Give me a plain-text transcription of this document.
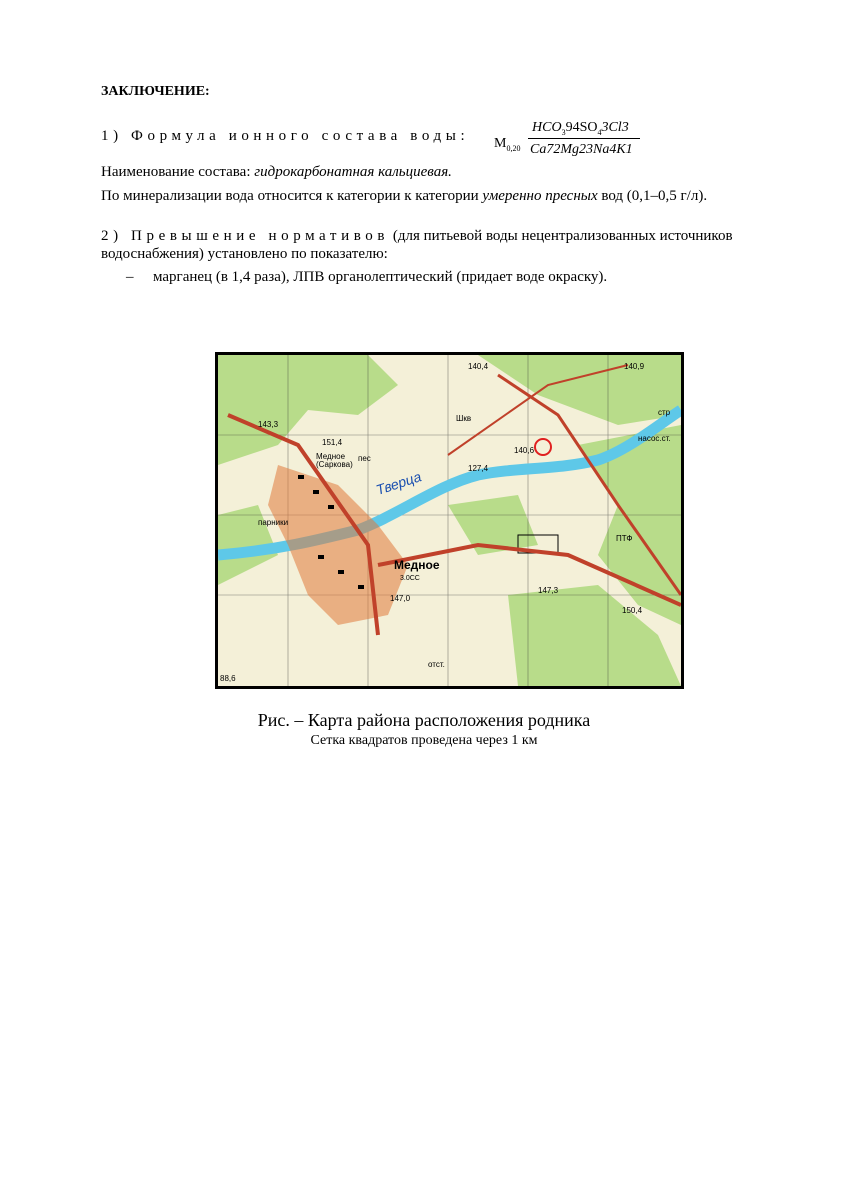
ЗАКЛЮЧЕНИЕ:
1) Формула ионного состава воды: $М_{0,20}$
$HCO_394SO_43Cl3$
Ca72Mg23Na4K1
Наименование состава: гидрокарбонатная кальциевая.
По минерализации вода относится к категории к категории умеренно пресных вод (0,1–0,5 г/л).
2) Превышение нормативов (для питьевой воды нецентрализованных источников
водоснабжения) установлено по показателю:
– марганец (в 1,4 раза), ЛПВ органолептический (придает воде окраску).
140,4	140,9
143,3
151,4
Медное
(Саркова)	127,4
140,6
парники
147,0
147,3
ПТФ
150,4
отст.
Шкв
пес
88,6
стр
насос.ст.
Тверца
Медное
3.0СС
Рис. – Карта района расположения родника
Сетка квадратов проведена через 1 км
